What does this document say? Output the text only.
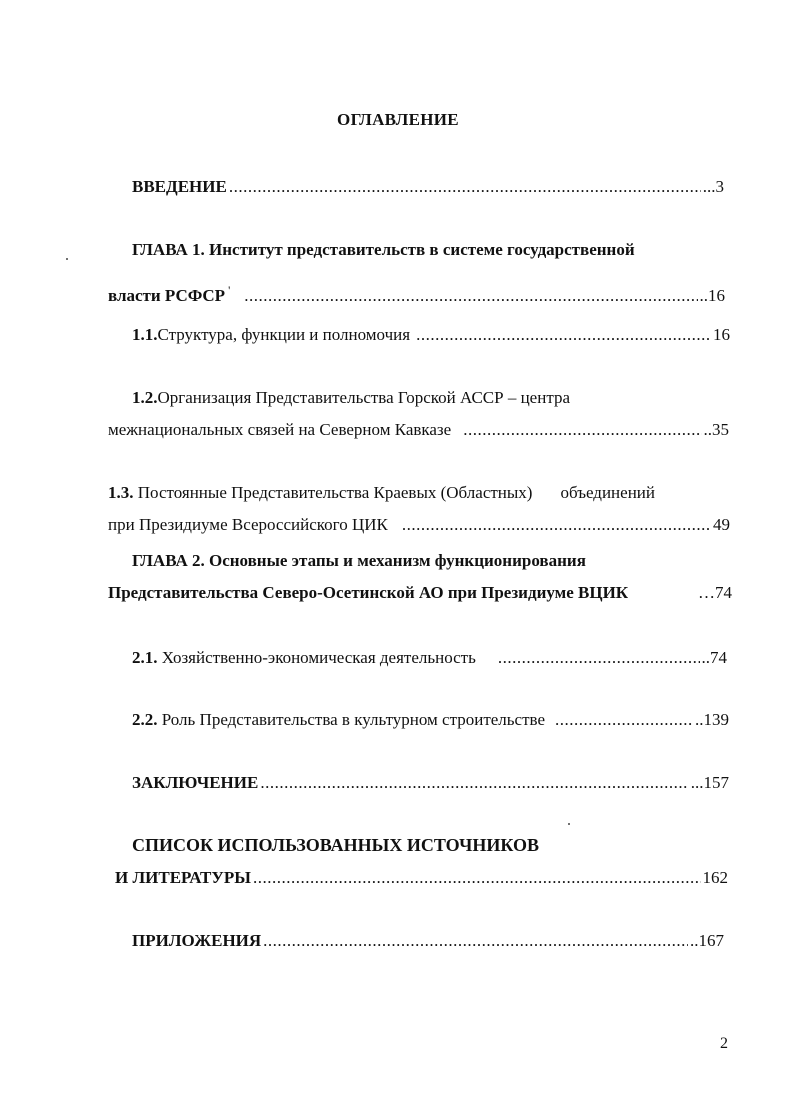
ОГЛАВЛЕНИЕ
ВВЕДЕНИЕ .....	...3
ГЛАВА 1.
Институт представительств в системе государственной
власти РСФСР ' .....	..16
1.1. Структура, функции и полномочия .....	16
1.2. Организация Представительства Горской АССР – центра
межнациональных связей на Северном Кавказе .....	..35
1.3.
Постоянные Представительства Краевых (Областных) объединений
при Президиуме Всероссийского ЦИК .....	49
ГЛАВА 2. Основные этапы и механизм функционирования
Представительства Северо-Осетинской АО при Президиуме ВЦИК	…74
2.1.
Хозяйственно-экономическая деятельность .....	..74
2.2.
Роль Представительства в культурном строительстве .....	..139
ЗАКЛЮЧЕНИЕ .....	...157
СПИСОК ИСПОЛЬЗОВАННЫХ ИСТОЧНИКОВ
И ЛИТЕРАТУРЫ .....	162
ПРИЛОЖЕНИЯ .....	..167
2
